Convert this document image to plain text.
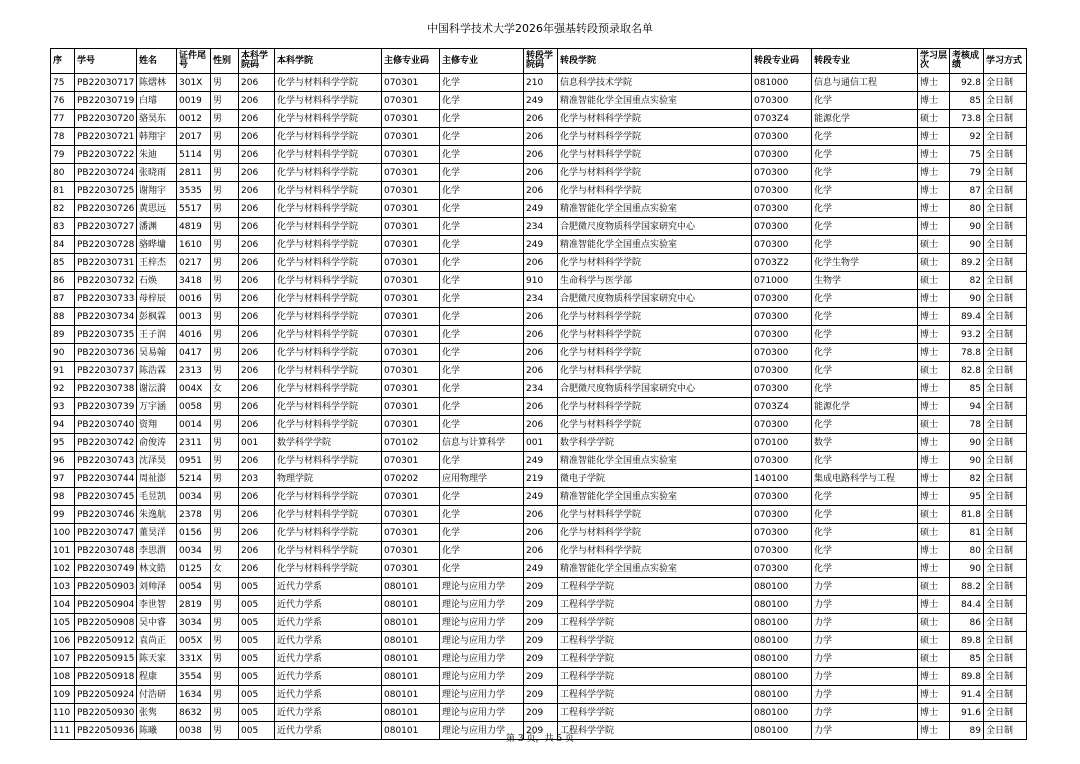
中国科学技术大学2026年强基转段预录取名单
序	学号	姓名	证件尾号	性别	本科学院码	本科学院	主修专业码	主修专业	转段学院码	转段学院	转段专业码	转段专业	学习层次	考核成绩	学习方式
75	PB22030717	陈熠林	301X	男	206	化学与材料科学学院	070301	化学	210	信息科学技术学院	081000	信息与通信工程	博士	92.8	全日制
76	PB22030719	白璿	0019	男	206	化学与材料科学学院	070301	化学	249	精准智能化学全国重点实验室	070300	化学	博士	85	全日制
77	PB22030720	骆昊东	0012	男	206	化学与材料科学学院	070301	化学	206	化学与材料科学学院	0703Z4	能源化学	硕士	73.8	全日制
78	PB22030721	韩翔宇	2017	男	206	化学与材料科学学院	070301	化学	206	化学与材料科学学院	070300	化学	博士	92	全日制
79	PB22030722	朱迪	5114	男	206	化学与材料科学学院	070301	化学	206	化学与材料科学学院	070300	化学	博士	75	全日制
80	PB22030724	张晓雨	2811	男	206	化学与材料科学学院	070301	化学	206	化学与材料科学学院	070300	化学	博士	79	全日制
81	PB22030725	谢翔宇	3535	男	206	化学与材料科学学院	070301	化学	206	化学与材料科学学院	070300	化学	博士	87	全日制
82	PB22030726	黄思远	5517	男	206	化学与材料科学学院	070301	化学	249	精准智能化学全国重点实验室	070300	化学	博士	80	全日制
83	PB22030727	潘渊	4819	男	206	化学与材料科学学院	070301	化学	234	合肥微尺度物质科学国家研究中心	070300	化学	博士	90	全日制
84	PB22030728	骆晔墉	1610	男	206	化学与材料科学学院	070301	化学	249	精准智能化学全国重点实验室	070300	化学	硕士	90	全日制
85	PB22030731	王梓杰	0217	男	206	化学与材料科学学院	070301	化学	206	化学与材料科学学院	0703Z2	化学生物学	硕士	89.2	全日制
86	PB22030732	石焕	3418	男	206	化学与材料科学学院	070301	化学	910	生命科学与医学部	071000	生物学	硕士	82	全日制
87	PB22030733	母梓辰	0016	男	206	化学与材料科学学院	070301	化学	234	合肥微尺度物质科学国家研究中心	070300	化学	博士	90	全日制
88	PB22030734	彭枫霖	0013	男	206	化学与材料科学学院	070301	化学	206	化学与材料科学学院	070300	化学	博士	89.4	全日制
89	PB22030735	王子润	4016	男	206	化学与材料科学学院	070301	化学	206	化学与材料科学学院	070300	化学	博士	93.2	全日制
90	PB22030736	吴易翰	0417	男	206	化学与材料科学学院	070301	化学	206	化学与材料科学学院	070300	化学	博士	78.8	全日制
91	PB22030737	陈浩霖	2313	男	206	化学与材料科学学院	070301	化学	206	化学与材料科学学院	070300	化学	硕士	82.8	全日制
92	PB22030738	谢沄漪	004X	女	206	化学与材料科学学院	070301	化学	234	合肥微尺度物质科学国家研究中心	070300	化学	博士	85	全日制
93	PB22030739	万宇涵	0058	男	206	化学与材料科学学院	070301	化学	206	化学与材料科学学院	0703Z4	能源化学	博士	94	全日制
94	PB22030740	资翔	0014	男	206	化学与材料科学学院	070301	化学	206	化学与材料科学学院	070300	化学	硕士	78	全日制
95	PB22030742	俞俊涛	2311	男	001	数学科学学院	070102	信息与计算科学	001	数学科学学院	070100	数学	博士	90	全日制
96	PB22030743	沈泽昊	0951	男	206	化学与材料科学学院	070301	化学	249	精准智能化学全国重点实验室	070300	化学	博士	90	全日制
97	PB22030744	周祉澎	5214	男	203	物理学院	070202	应用物理学	219	微电子学院	140100	集成电路科学与工程	博士	82	全日制
98	PB22030745	毛昱凯	0034	男	206	化学与材料科学学院	070301	化学	249	精准智能化学全国重点实验室	070300	化学	博士	95	全日制
99	PB22030746	朱逸航	2378	男	206	化学与材料科学学院	070301	化学	206	化学与材料科学学院	070300	化学	硕士	81.8	全日制
100	PB22030747	董昊洋	0156	男	206	化学与材料科学学院	070301	化学	206	化学与材料科学学院	070300	化学	硕士	81	全日制
101	PB22030748	李思渭	0034	男	206	化学与材料科学学院	070301	化学	206	化学与材料科学学院	070300	化学	博士	80	全日制
102	PB22030749	林文皓	0125	女	206	化学与材料科学学院	070301	化学	249	精准智能化学全国重点实验室	070300	化学	博士	90	全日制
103	PB22050903	刘帅泽	0054	男	005	近代力学系	080101	理论与应用力学	209	工程科学学院	080100	力学	硕士	88.2	全日制
104	PB22050904	李世智	2819	男	005	近代力学系	080101	理论与应用力学	209	工程科学学院	080100	力学	博士	84.4	全日制
105	PB22050908	吴中睿	3034	男	005	近代力学系	080101	理论与应用力学	209	工程科学学院	080100	力学	硕士	86	全日制
106	PB22050912	袁尚正	005X	男	005	近代力学系	080101	理论与应用力学	209	工程科学学院	080100	力学	硕士	89.8	全日制
107	PB22050915	陈天家	331X	男	005	近代力学系	080101	理论与应用力学	209	工程科学学院	080100	力学	硕士	85	全日制
108	PB22050918	程康	3554	男	005	近代力学系	080101	理论与应用力学	209	工程科学学院	080100	力学	博士	89.8	全日制
109	PB22050924	付浩研	1634	男	005	近代力学系	080101	理论与应用力学	209	工程科学学院	080100	力学	博士	91.4	全日制
110	PB22050930	张隽	8632	男	005	近代力学系	080101	理论与应用力学	209	工程科学学院	080100	力学	博士	91.6	全日制
111	PB22050936	陈曦	0038	男	005	近代力学系	080101	理论与应用力学	209	工程科学学院	080100	力学	博士	89	全日制
第 3 页，共 5 页
